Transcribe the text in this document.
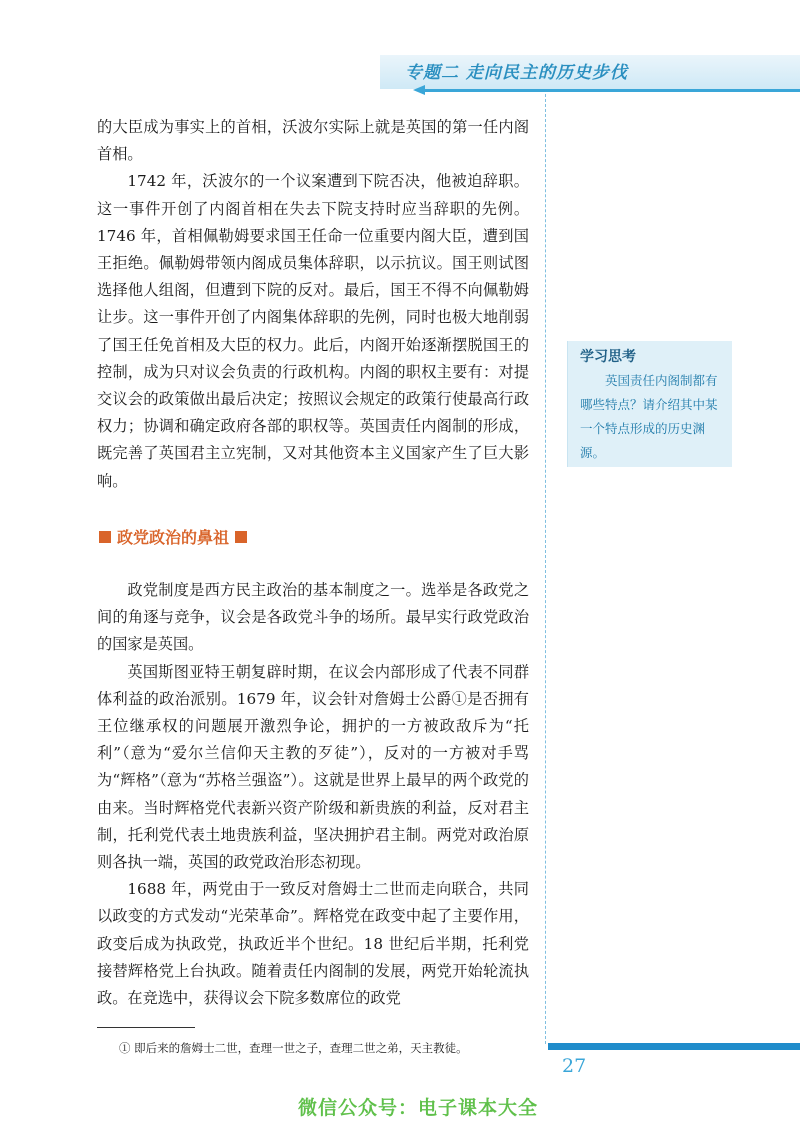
专题二 走向民主的历史步伐

的大臣成为事实上的首相，沃波尔实际上就是英国的第一任内阁首相。

1742 年，沃波尔的一个议案遭到下院否决，他被迫辞职。这一事件开创了内阁首相在失去下院支持时应当辞职的先例。1746 年，首相佩勒姆要求国王任命一位重要内阁大臣，遭到国王拒绝。佩勒姆带领内阁成员集体辞职，以示抗议。国王则试图选择他人组阁，但遭到下院的反对。最后，国王不得不向佩勒姆让步。这一事件开创了内阁集体辞职的先例，同时也极大地削弱了国王任免首相及大臣的权力。此后，内阁开始逐渐摆脱国王的控制，成为只对议会负责的行政机构。内阁的职权主要有：对提交议会的政策做出最后决定；按照议会规定的政策行使最高行政权力；协调和确定政府各部的职权等。英国责任内阁制的形成，既完善了英国君主立宪制，又对其他资本主义国家产生了巨大影响。

学习思考

英国责任内阁制都有哪些特点？请介绍其中某一个特点形成的历史渊源。

政党政治的鼻祖

政党制度是西方民主政治的基本制度之一。选举是各政党之间的角逐与竞争，议会是各政党斗争的场所。最早实行政党政治的国家是英国。

英国斯图亚特王朝复辟时期，在议会内部形成了代表不同群体利益的政治派别。1679 年，议会针对詹姆士公爵①是否拥有王位继承权的问题展开激烈争论，拥护的一方被政敌斥为“托利”（意为“爱尔兰信仰天主教的歹徒”），反对的一方被对手骂为“辉格”（意为“苏格兰强盗”）。这就是世界上最早的两个政党的由来。当时辉格党代表新兴资产阶级和新贵族的利益，反对君主制，托利党代表土地贵族利益，坚决拥护君主制。两党对政治原则各执一端，英国的政党政治形态初现。

1688 年，两党由于一致反对詹姆士二世而走向联合，共同以政变的方式发动“光荣革命”。辉格党在政变中起了主要作用，政变后成为执政党，执政近半个世纪。18 世纪后半期，托利党接替辉格党上台执政。随着责任内阁制的发展，两党开始轮流执政。在竞选中，获得议会下院多数席位的政党

① 即后来的詹姆士二世，查理一世之子，查理二世之弟，天主教徒。
27
微信公众号：电子课本大全
